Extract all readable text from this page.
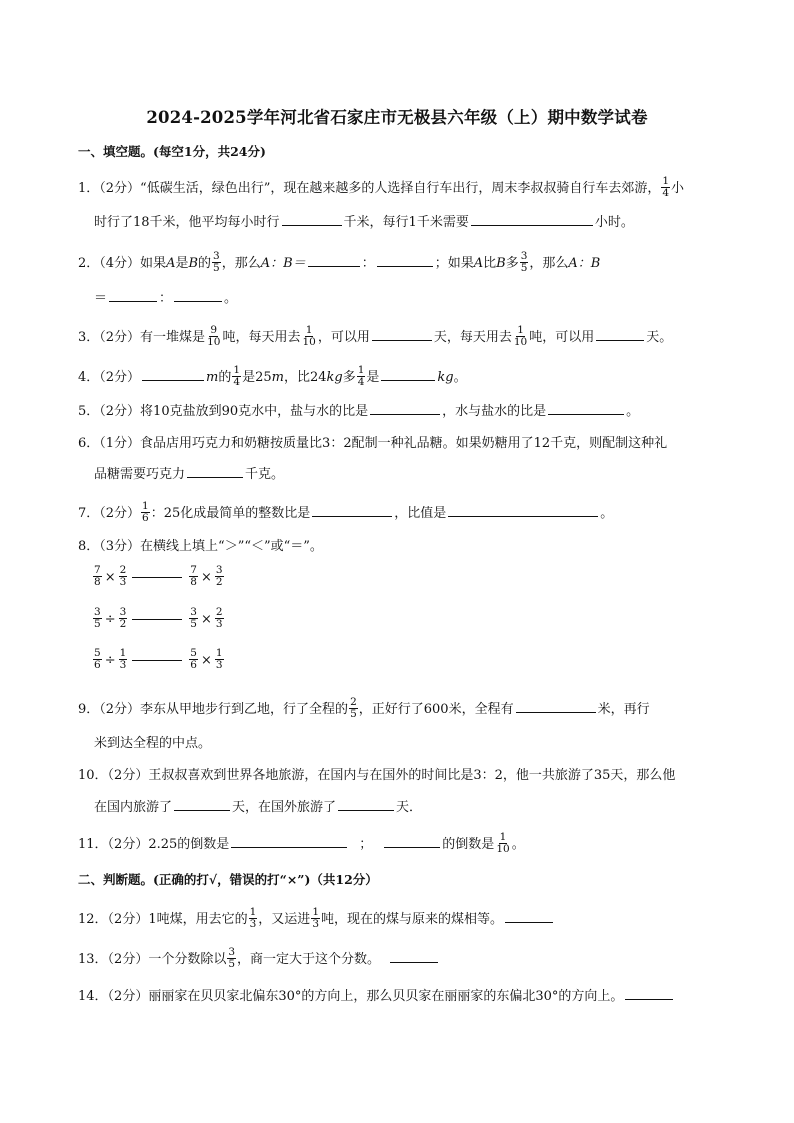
2024-2025学年河北省石家庄市无极县六年级（上）期中数学试卷
一、填空题。(每空1分，共24分)
1．（2分）“低碳生活，绿色出行”，现在越来越多的人选择自行车出行，周末李叔叔骑自行车去郊游， $\frac{1}{4}$ 小
时行了18千米，他平均每小时行	千米，每行1千米需要	小时。
2．（4分）如果A是B的 $\frac{3}{5}$ ，那么A：B＝	：	；如果A比B多 $\frac{3}{5}$ ，那么A：B
＝	：	。
3．（2分）有一堆煤是 $\frac{9}{10}$ 吨，每天用去 $\frac{1}{10}$ ，可以用	天，每天用去 $\frac{1}{10}$ 吨，可以用	天。
4．（2分）	m的 $\frac{1}{4}$ 是25m，比24kg多 $\frac{1}{4}$ 是	kg。
5．（2分）将10克盐放到90克水中，盐与水的比是	，水与盐水的比是	。
6．（1分）食品店用巧克力和奶糖按质量比3：2配制一种礼品糖。如果奶糖用了12千克，则配制这种礼
品糖需要巧克力	千克。
7．（2分） $\frac{1}{6}$ ：25化成最简单的整数比是	，比值是	。
8．（3分）在横线上填上“＞”“＜”或“＝”。
$\frac{7}{8} \times \frac{2}{3}$	$\frac{7}{8} \times \frac{3}{2}$
$\frac{3}{5} \div \frac{3}{2}$	$\frac{3}{5} \times \frac{2}{3}$
$\frac{5}{6} \div \frac{1}{3}$	$\frac{5}{6} \times \frac{1}{3}$
9．（2分）李东从甲地步行到乙地，行了全程的 $\frac{2}{5}$ ，正好行了600米，全程有	米，再行
米到达全程的中点。
10．（2分）王叔叔喜欢到世界各地旅游，在国内与在国外的时间比是3：2，他一共旅游了35天，那么他
在国内旅游了	天，在国外旅游了	天．
11．（2分）2.25的倒数是	；	的倒数是 $\frac{1}{10}$ 。
二、判断题。(正确的打√，错误的打“×”)（共12分）
12．（2分）1吨煤，用去它的 $\frac{1}{3}$ ，又运进 $\frac{1}{3}$ 吨，现在的煤与原来的煤相等。
13．（2分）一个分数除以 $\frac{3}{5}$ ，商一定大于这个分数。
14．（2分）丽丽家在贝贝家北偏东30°的方向上，那么贝贝家在丽丽家的东偏北30°的方向上。
